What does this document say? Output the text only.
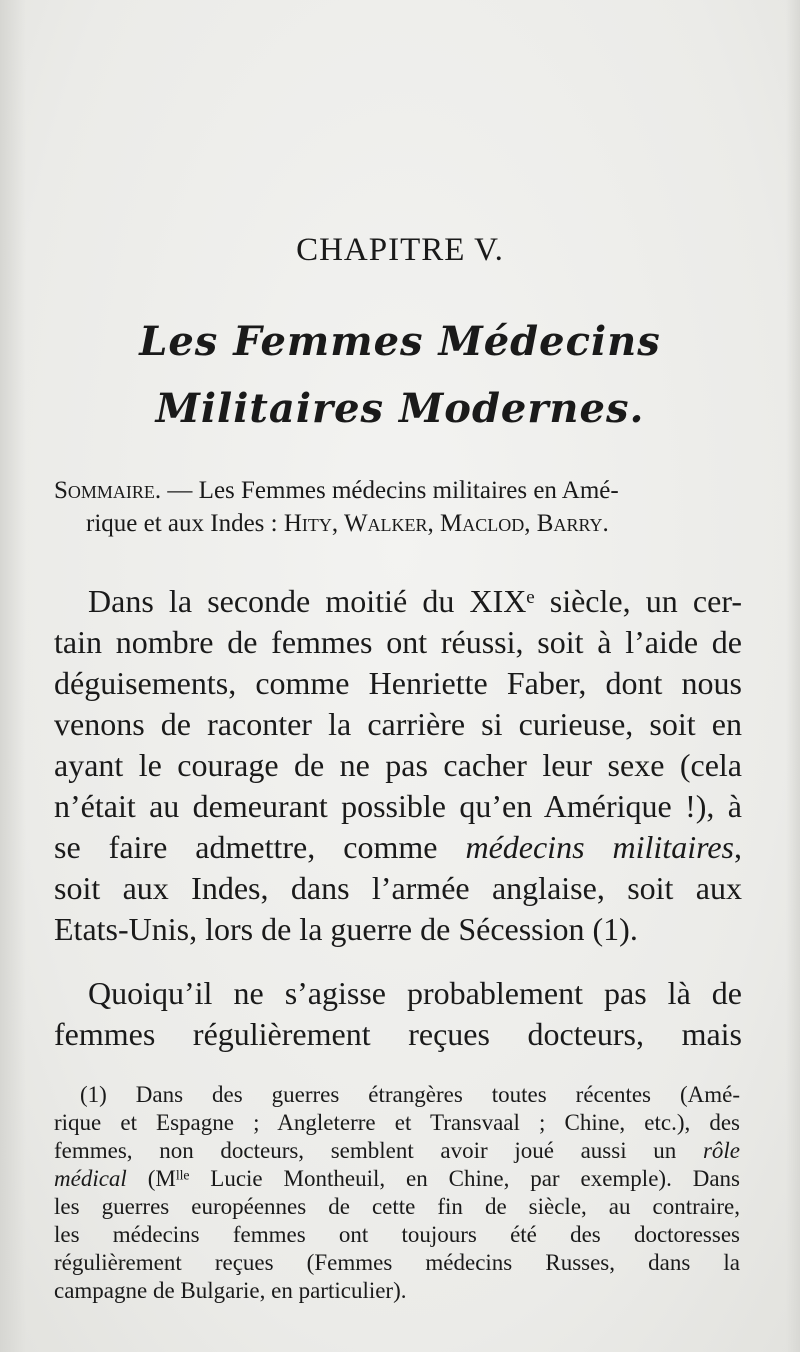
CHAPITRE V.
Les Femmes Médecins
Militaires Modernes.
Sommaire. — Les Femmes médecins militaires en Amé-
rique et aux Indes : Hity, Walker, Maclod, Barry.
Dans la seconde moitié du XIXᵉ siècle, un cer-
tain nombre de femmes ont réussi, soit à l’aide de
déguisements, comme Henriette Faber, dont nous
venons de raconter la carrière si curieuse, soit en
ayant le courage de ne pas cacher leur sexe (cela
n’était au demeurant possible qu’en Amérique !), à
se faire admettre, comme médecins militaires,
soit aux Indes, dans l’armée anglaise, soit aux
Etats-Unis, lors de la guerre de Sécession (1).
Quoiqu’il ne s’agisse probablement pas là de
femmes régulièrement reçues docteurs, mais
(1) Dans des guerres étrangères toutes récentes (Amé-
rique et Espagne ; Angleterre et Transvaal ; Chine, etc.), des
femmes, non docteurs, semblent avoir joué aussi un rôle
médical (Mˡˡᵉ Lucie Montheuil, en Chine, par exemple). Dans
les guerres européennes de cette fin de siècle, au contraire,
les médecins femmes ont toujours été des doctoresses
régulièrement reçues (Femmes médecins Russes, dans la
campagne de Bulgarie, en particulier).
